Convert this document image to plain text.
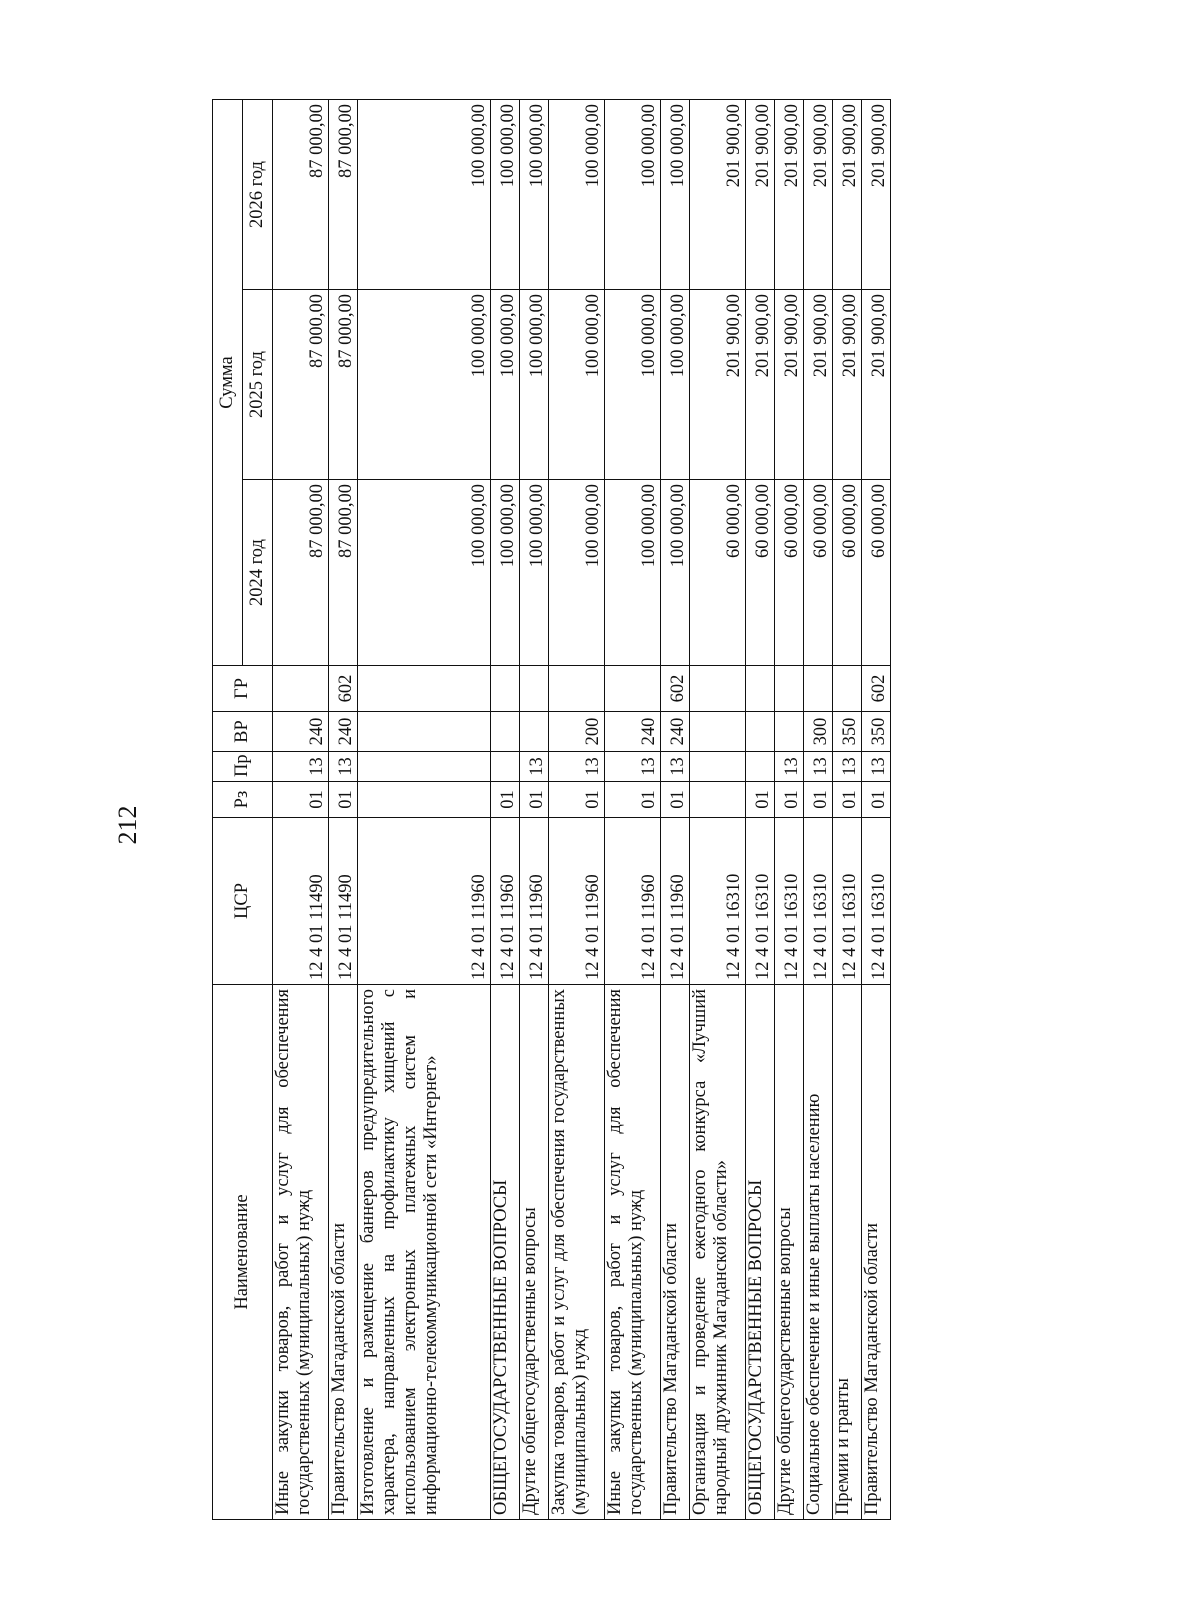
212
Наименование	ЦСР	Рз	Пр	ВР	ГР	Сумма		
						2024 год	2025 год	2026 год
Иные закупки товаров, работ и услуг для обеспечения государственных (муниципальных) нужд	12 4 01 11490	01	13	240		87 000,00	87 000,00	87 000,00
Правительство Магаданской области	12 4 01 11490	01	13	240	602	87 000,00	87 000,00	87 000,00
Изготовление и размещение баннеров предупредительного характера, направленных на профилактику хищений с использованием электронных платежных систем и информационно-телекоммуникационной сети «Интернет»	12 4 01 11960					100 000,00	100 000,00	100 000,00
ОБЩЕГОСУДАРСТВЕННЫЕ ВОПРОСЫ	12 4 01 11960	01				100 000,00	100 000,00	100 000,00
Другие общегосударственные вопросы	12 4 01 11960	01	13			100 000,00	100 000,00	100 000,00
Закупка товаров, работ и услуг для обеспечения государственных (муниципальных) нужд	12 4 01 11960	01	13	200		100 000,00	100 000,00	100 000,00
Иные закупки товаров, работ и услуг для обеспечения государственных (муниципальных) нужд	12 4 01 11960	01	13	240		100 000,00	100 000,00	100 000,00
Правительство Магаданской области	12 4 01 11960	01	13	240	602	100 000,00	100 000,00	100 000,00
Организация и проведение ежегодного конкурса «Лучший народный дружинник Магаданской области»	12 4 01 16310					60 000,00	201 900,00	201 900,00
ОБЩЕГОСУДАРСТВЕННЫЕ ВОПРОСЫ	12 4 01 16310	01				60 000,00	201 900,00	201 900,00
Другие общегосударственные вопросы	12 4 01 16310	01	13			60 000,00	201 900,00	201 900,00
Социальное обеспечение и иные выплаты населению	12 4 01 16310	01	13	300		60 000,00	201 900,00	201 900,00
Премии и гранты	12 4 01 16310	01	13	350		60 000,00	201 900,00	201 900,00
Правительство Магаданской области	12 4 01 16310	01	13	350	602	60 000,00	201 900,00	201 900,00
